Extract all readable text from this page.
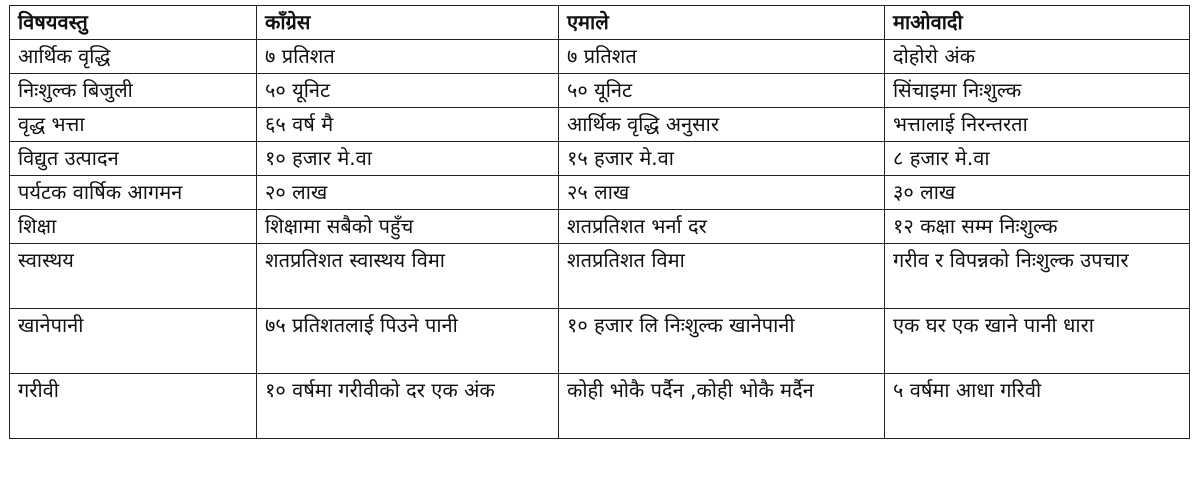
विषयवस्तु	काँग्रेस	एमाले	माओवादी
आर्थिक वृद्धि	७ प्रतिशत	७ प्रतिशत	दोहोरो अंक
निःशुल्क बिजुली	५० यूनिट	५० यूनिट	सिंचाइमा निःशुल्क
वृद्ध भत्ता	६५ वर्ष मै	आर्थिक वृद्धि अनुसार	भत्तालाई निरन्तरता
विद्युत उत्पादन	१० हजार मे.वा	१५ हजार मे.वा	८ हजार मे.वा
पर्यटक वार्षिक आगमन	२० लाख	२५ लाख	३० लाख
शिक्षा	शिक्षामा सबैको पहुँच	शतप्रतिशत भर्ना दर	१२ कक्षा सम्म निःशुल्क
स्वास्थय	शतप्रतिशत स्वास्थय विमा	शतप्रतिशत विमा	गरीव र विपन्नको निःशुल्क उपचार
खानेपानी	७५ प्रतिशतलाई पिउने पानी	१० हजार लि निःशुल्क खानेपानी	एक घर एक खाने पानी धारा
गरीवी	१० वर्षमा गरीवीको दर एक अंक	कोही भोकै पर्दैन ,कोही भोकै मर्दैन	५ वर्षमा आधा गरिवी
